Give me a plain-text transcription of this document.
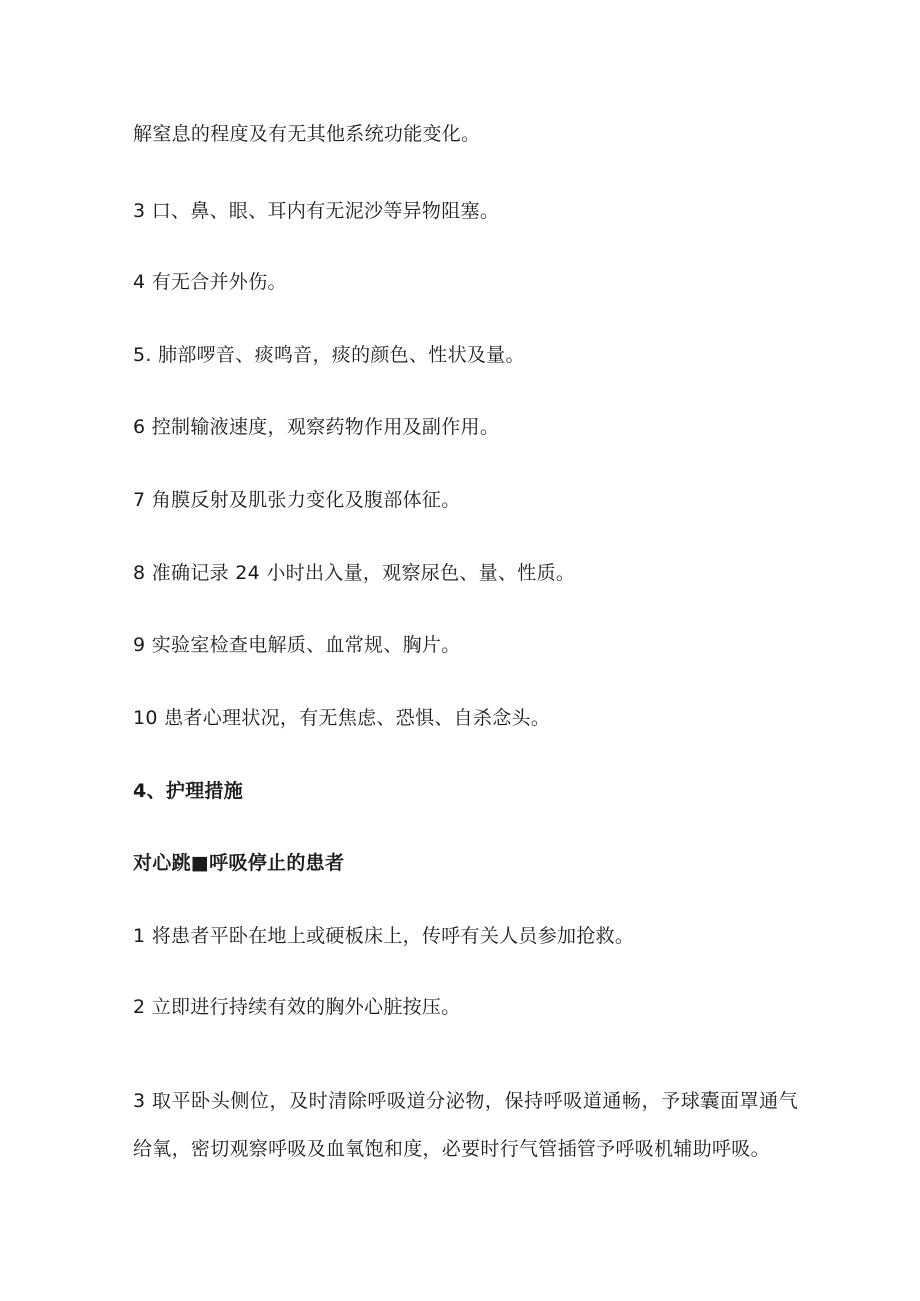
解窒息的程度及有无其他系统功能变化。
3 口、鼻、眼、耳内有无泥沙等异物阻塞。
4 有无合并外伤。
5. 肺部啰音、痰鸣音，痰的颜色、性状及量。
6 控制输液速度，观察药物作用及副作用。
7 角膜反射及肌张力变化及腹部体征。
8 准确记录 24 小时出入量，观察尿色、量、性质。
9 实验室检查电解质、血常规、胸片。
10 患者心理状况，有无焦虑、恐惧、自杀念头。
4、护理措施
对心跳■呼吸停止的患者
1 将患者平卧在地上或硬板床上，传呼有关人员参加抢救。
2 立即进行持续有效的胸外心脏按压。
3 取平卧头侧位，及时清除呼吸道分泌物，保持呼吸道通畅，予球囊面罩通气给氧，密切观察呼吸及血氧饱和度，必要时行气管插管予呼吸机辅助呼吸。
